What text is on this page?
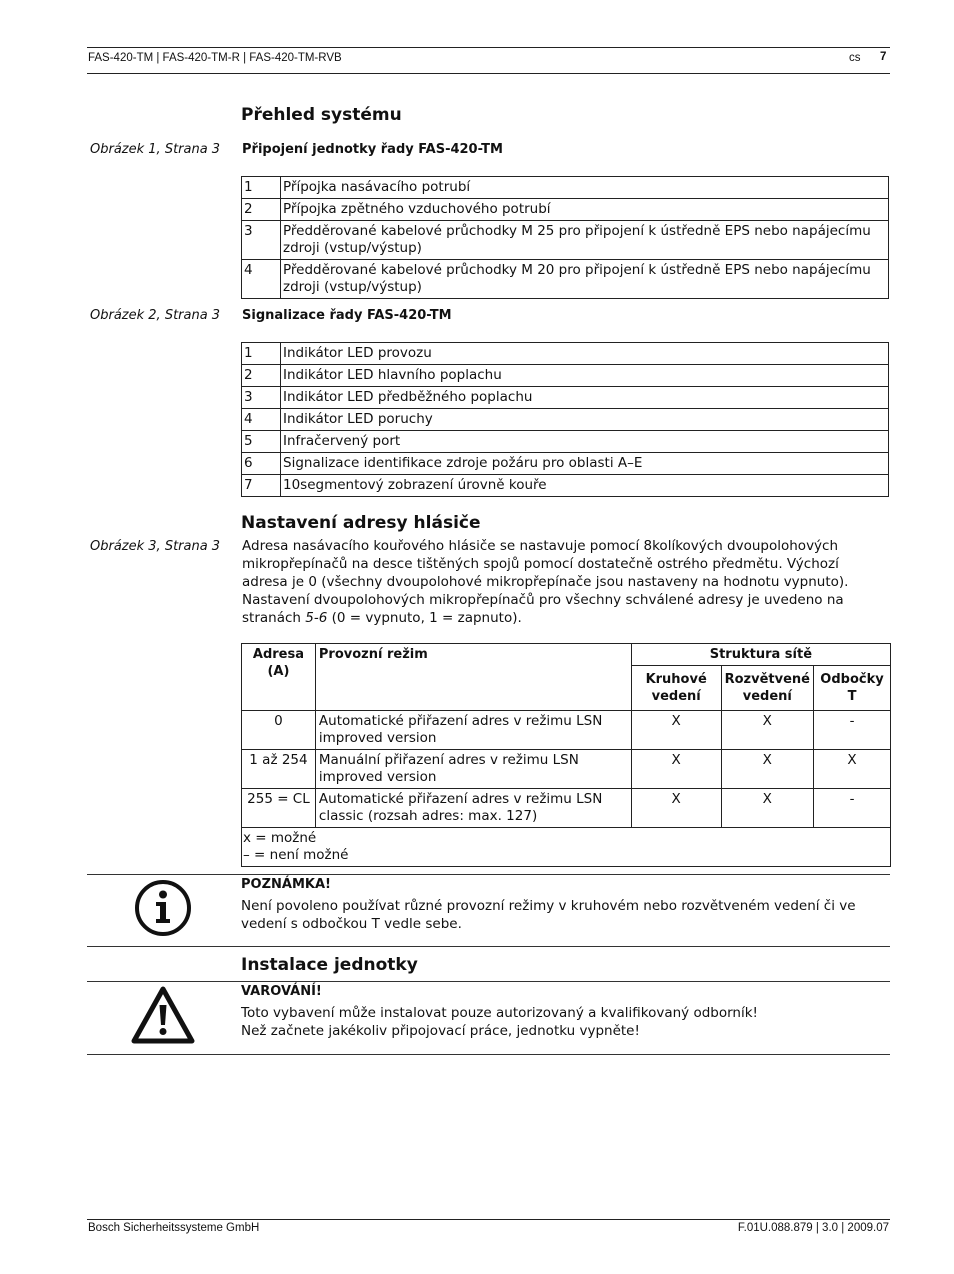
FAS-420-TM | FAS-420-TM-R | FAS-420-TM-RVB	cs 7
Přehled systému
Obrázek 1, Strana 3 Připojení jednotky řady FAS-420-TM
1	Přípojka nasávacího potrubí
2	Přípojka zpětného vzduchového potrubí
3	Předděrované kabelové průchodky M 25 pro připojení k ústředně EPS nebo napájecímu zdroji (vstup/výstup)
4	Předděrované kabelové průchodky M 20 pro připojení k ústředně EPS nebo napájecímu zdroji (vstup/výstup)
Obrázek 2, Strana 3 Signalizace řady FAS-420-TM
1	Indikátor LED provozu
2	Indikátor LED hlavního poplachu
3	Indikátor LED předběžného poplachu
4	Indikátor LED poruchy
5	Infračervený port
6	Signalizace identifikace zdroje požáru pro oblasti A–E
7	10segmentový zobrazení úrovně kouře
Nastavení adresy hlásiče
Obrázek 3, Strana 3 Adresa nasávacího kouřového hlásiče se nastavuje pomocí 8kolíkových dvoupolohových mikropřepínačů na desce tištěných spojů pomocí dostatečně ostrého předmětu. Výchozí adresa je 0 (všechny dvoupolohové mikropřepínače jsou nastaveny na hodnotu vypnuto). Nastavení dvoupolohových mikropřepínačů pro všechny schválené adresy je uvedeno na stranách 5-6 (0 = vypnuto, 1 = zapnuto).
Adresa (A)	Provozní režim	Struktura sítě		
		Kruhové vedení	Rozvětvené vedení	Odbočky T
0	Automatické přiřazení adres v režimu LSN improved version	X	X	-
1 až 254	Manuální přiřazení adres v režimu LSN improved version	X	X	X
255 = CL	Automatické přiřazení adres v režimu LSN classic (rozsah adres: max. 127)	X	X	-

x = možné
– = není možné				
POZNÁMKA!
Není povoleno používat různé provozní režimy v kruhovém nebo rozvětveném vedení či ve vedení s odbočkou T vedle sebe.
Instalace jednotky
VAROVÁNÍ!
Toto vybavení může instalovat pouze autorizovaný a kvalifikovaný odborník!
Než začnete jakékoliv připojovací práce, jednotku vypněte!
Bosch Sicherheitssysteme GmbH	F.01U.088.879 | 3.0 | 2009.07
